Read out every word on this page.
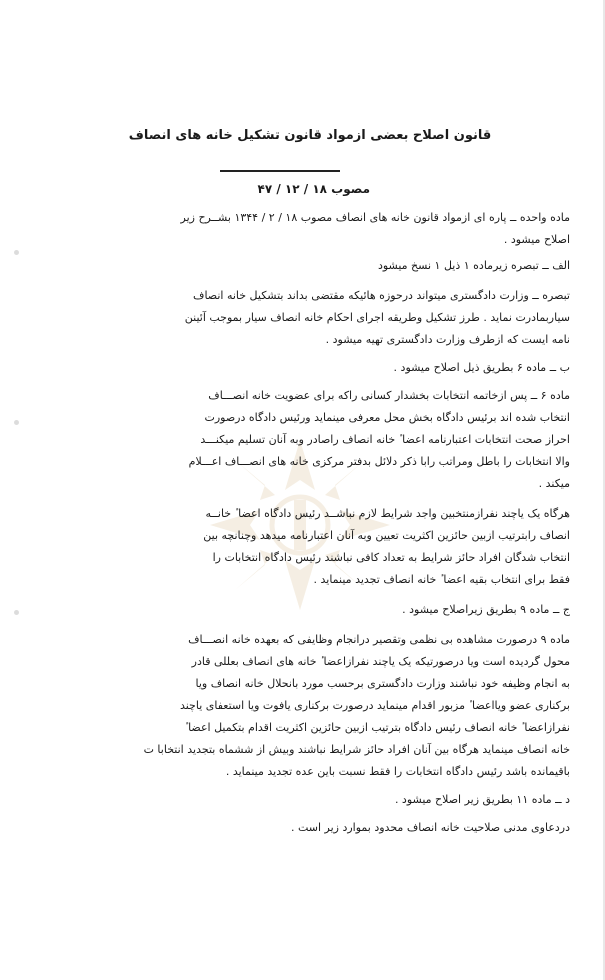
قانون اصلاح بعضی ازمواد قانون تشکیل خانه های انصاف
مصوب ۱۸ / ۱۲ / ۴۷
ماده واحده ــ پاره ای ازمواد قانون خانه های انصاف مصوب ۱۸ / ۲ / ۱۳۴۴ بشــرح زیر
اصلاح میشود .
الف ــ تبصره زیرماده ۱ ذیل ۱ نسخ میشود
تبصره ــ وزارت دادگستری میتواند درحوزه هائیکه مقتضی بداند بتشکیل خانه انصاف
سیاربمادرت نماید . طرز تشکیل وطریقه اجرای احکام خانه انصاف سیار بموجب آئینن
نامه ایست که ازطرف وزارت دادگستری تهیه میشود .
ب ــ ماده ۶ بطریق ذیل اصلاح میشود .
ماده ۶ ــ پس ازخاتمه انتخابات بخشدار کسانی راکه برای عضویت خانه انصـــاف
انتخاب شده اند برئیس دادگاه بخش محل معرفی مینماید ورئیس دادگاه درصورت
احراز صحت انتخابات اعتبارنامه اعضا ٔ خانه انصاف راصادر وبه آنان تسلیم میکنـــد
والا انتخابات را باطل ومراتب رابا ذکر دلائل بدفتر مرکزی خانه های انصـــاف اعـــلام
میکند .
هرگاه یک یاچند نفرازمنتخبین واجد شرایط لازم نباشــد رئیس دادگاه اعضا ٔ خانــه
انصاف رابترتیب ازبین حائزین اکثریت تعیین وبه آنان اعتبارنامه میدهد وچنانچه بین
انتخاب شدگان افراد حائز شرایط به تعداد کافی نباشند رئیس دادگاه انتخابات را
فقط برای انتخاب بقیه اعضا ٔ خانه انصاف تجدید مینماید .
ج ــ ماده ۹ بطریق زیراصلاح میشود .
ماده ۹ درصورت مشاهده بی نظمی وتقصیر درانجام وظایفی که بعهده خانه انصـــاف
محول گردیده است ویا درصورتیکه یک یاچند نفرازاعضا ٔ خانه های انصاف بعللی قادر
به انجام وظیفه خود نباشند وزارت دادگستری برحسب مورد بانحلال خانه انصاف ویا
برکناری عضو ویااعضا ٔ مزبور اقدام مینماید درصورت برکناری یافوت ویا استعفای یاچند
نفرازاعضا ٔ خانه انصاف رئیس دادگاه بترتیب ازبین حائزین اکثریت اقدام بتکمیل اعضا ٔ
خانه انصاف مینماید هرگاه بین آنان افراد حائز شرایط نباشند وبیش از ششماه بتجدید انتخابا ت
باقیمانده باشد رئیس دادگاه انتخابات را فقط نسبت باین عده تجدید مینماید .
د ــ ماده ۱۱ بطریق زیر اصلاح میشود .
دردعاوی مدنی صلاحیت خانه انصاف محدود بموارد زیر است .
